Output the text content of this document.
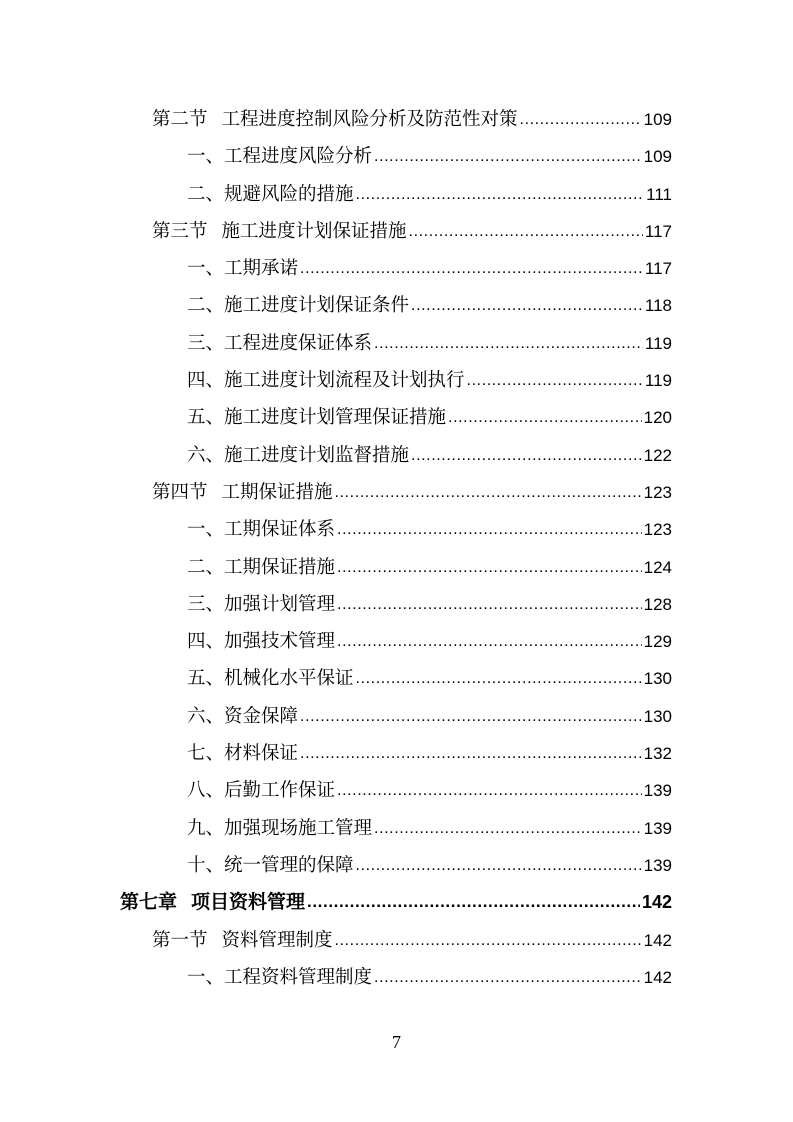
第二节 工程进度控制风险分析及防范性对策 .....	109
一、工程进度风险分析 .....	109
二、规避风险的措施 .....	111
第三节 施工进度计划保证措施 .....	117
一、工期承诺 .....	117
二、施工进度计划保证条件 .....	118
三、工程进度保证体系 .....	119
四、施工进度计划流程及计划执行 .....	119
五、施工进度计划管理保证措施 .....	120
六、施工进度计划监督措施 .....	122
第四节 工期保证措施 .....	123
一、工期保证体系 .....	123
二、工期保证措施 .....	124
三、加强计划管理 .....	128
四、加强技术管理 .....	129
五、机械化水平保证 .....	130
六、资金保障 .....	130
七、材料保证 .....	132
八、后勤工作保证 .....	139
九、加强现场施工管理 .....	139
十、统一管理的保障 .....	139
第七章 项目资料管理 .....	142
第一节 资料管理制度 .....	142
一、工程资料管理制度 .....	142
7
